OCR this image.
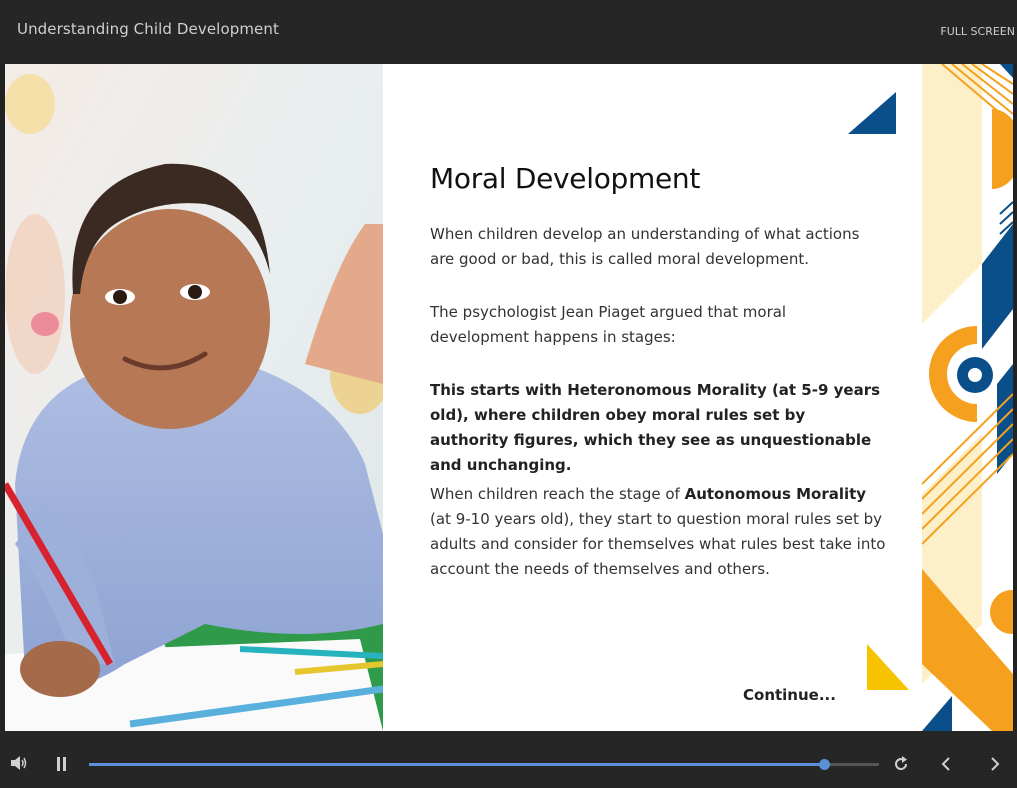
Understanding Child Development	FULL SCREEN
Moral Development

When children develop an understanding of what actions are good or bad, this is called moral development.

The psychologist Jean Piaget argued that moral development happens in stages:

This starts with Heteronomous Morality (at 5-9 years old), where children obey moral rules set by authority figures, which they see as unquestionable and unchanging.

When children reach the stage of Autonomous Morality (at 9-10 years old), they start to question moral rules set by adults and consider for themselves what rules best take into account the needs of themselves and others.

Continue...
